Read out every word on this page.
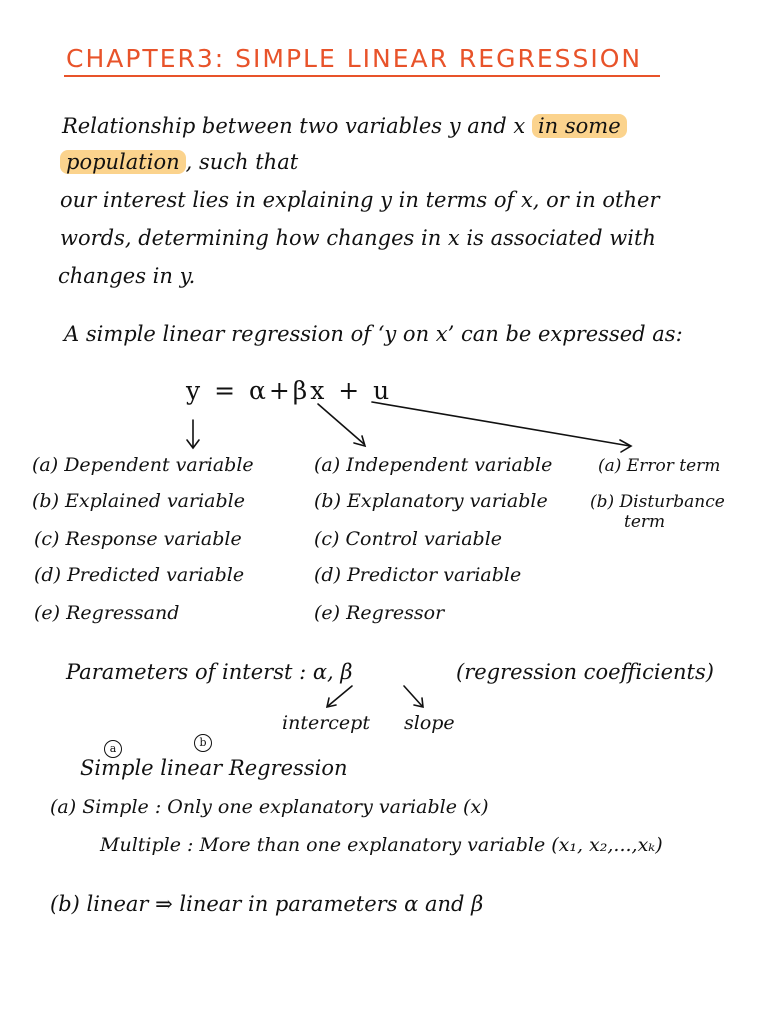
CHAPTER3: SIMPLE LINEAR REGRESSION
Relationship between two variables y and x in some
population , such that
our interest lies in explaining y in terms of x, or in other
words, determining how changes in x is associated with
changes in y.
A simple linear regression of ‘y on x’ can be expressed as:
y = α+βx + u
(a) Dependent variable
(b) Explained variable
(c) Response variable
(d) Predicted variable
(e) Regressand
(a) Independent variable
(b) Explanatory variable
(c) Control variable
(d) Predictor variable
(e) Regressor
(a) Error term
(b) Disturbance
term
Parameters of interst : α, β	(regression coefficients)
intercept slope
a	b
Simple linear Regression
(a) Simple : Only one explanatory variable (x)
Multiple : More than one explanatory variable (x₁, x₂,...,xₖ)
(b) linear ⇒ linear in parameters α and β
